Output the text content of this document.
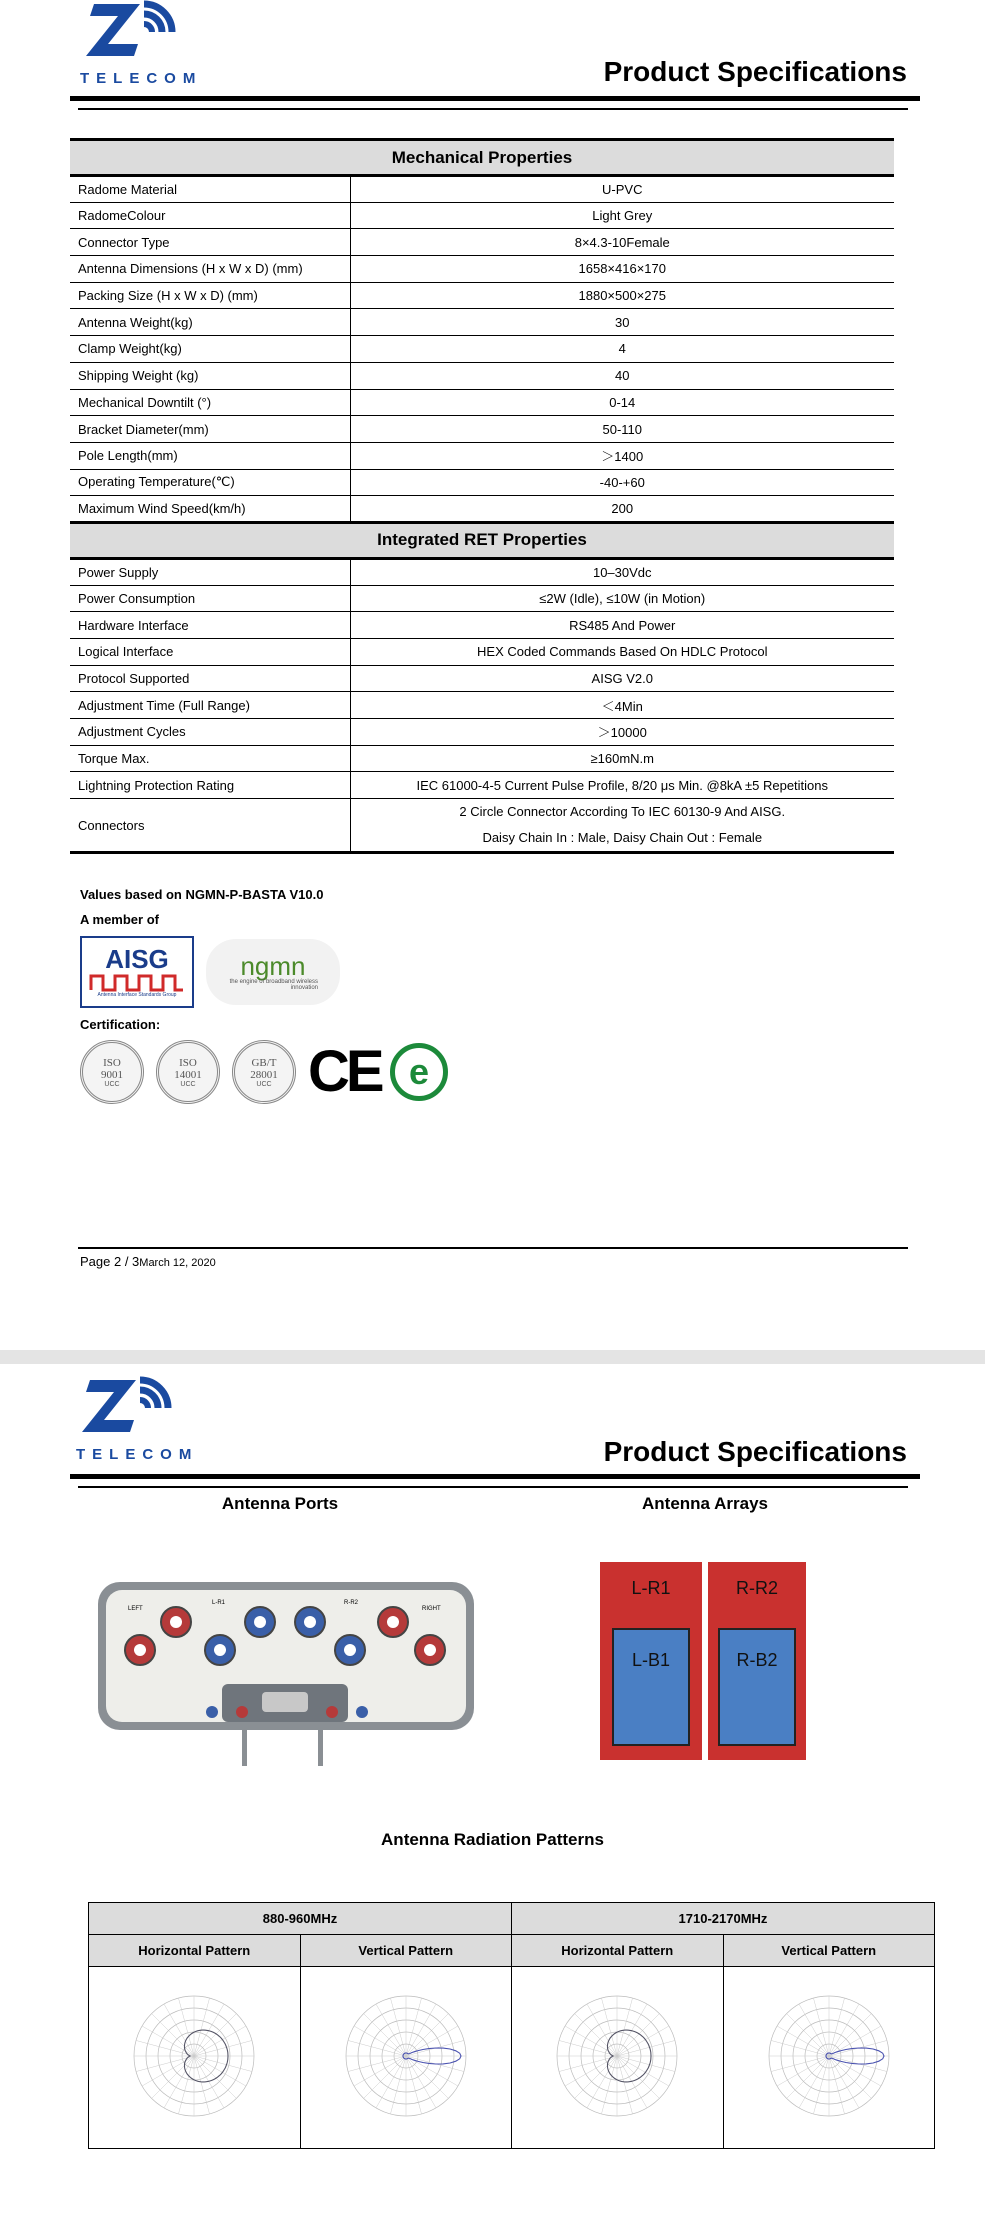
TELECOM	Product Specifications
Mechanical Properties	
Radome Material	U-PVC
RadomeColour	Light Grey
Connector Type	8×4.3-10Female
Antenna Dimensions (H x W x D) (mm)	1658×416×170
Packing Size (H x W x D) (mm)	1880×500×275
Antenna Weight(kg)	30
Clamp Weight(kg)	4
Shipping Weight (kg)	40
Mechanical Downtilt (°)	0-14
Bracket Diameter(mm)	50-110
Pole Length(mm)	＞1400
Operating Temperature(℃)	-40-+60
Maximum Wind Speed(km/h)	200
Integrated RET Properties	
Power Supply	10–30Vdc
Power Consumption	≤2W (Idle), ≤10W (in Motion)
Hardware Interface	RS485 And Power
Logical Interface	HEX Coded Commands Based On HDLC Protocol
Protocol Supported	AISG V2.0
Adjustment Time (Full Range)	＜4Min
Adjustment Cycles	＞10000
Torque Max.	≥160mN.m
Lightning Protection Rating	IEC 61000-4-5 Current Pulse Profile, 8/20 μs Min. @8kA ±5 Repetitions
Connectors	2 Circle Connector According To IEC 60130-9 And AISG.
Daisy Chain In : Male, Daisy Chain Out : Female
Values based on NGMN-P-BASTA V10.0
A member of
AISG
Antenna Interface Standards Group
ngmn
the engine of broadband wireless innovation
Certification:
ISO 9001
UCC
ISO 14001
UCC
GB/T 28001
UCC CE e
Page 2 / 3March 12, 2020
TELECOM	Product Specifications
Antenna Ports	Antenna Arrays
LEFT
L-R1	R-R2
RIGHT
L-R1
L-B1
R-R2
R-B2
Antenna Radiation Patterns
880-960MHz		1710-2170MHz	
Horizontal Pattern	Vertical Pattern	Horizontal Pattern	Vertical Pattern
